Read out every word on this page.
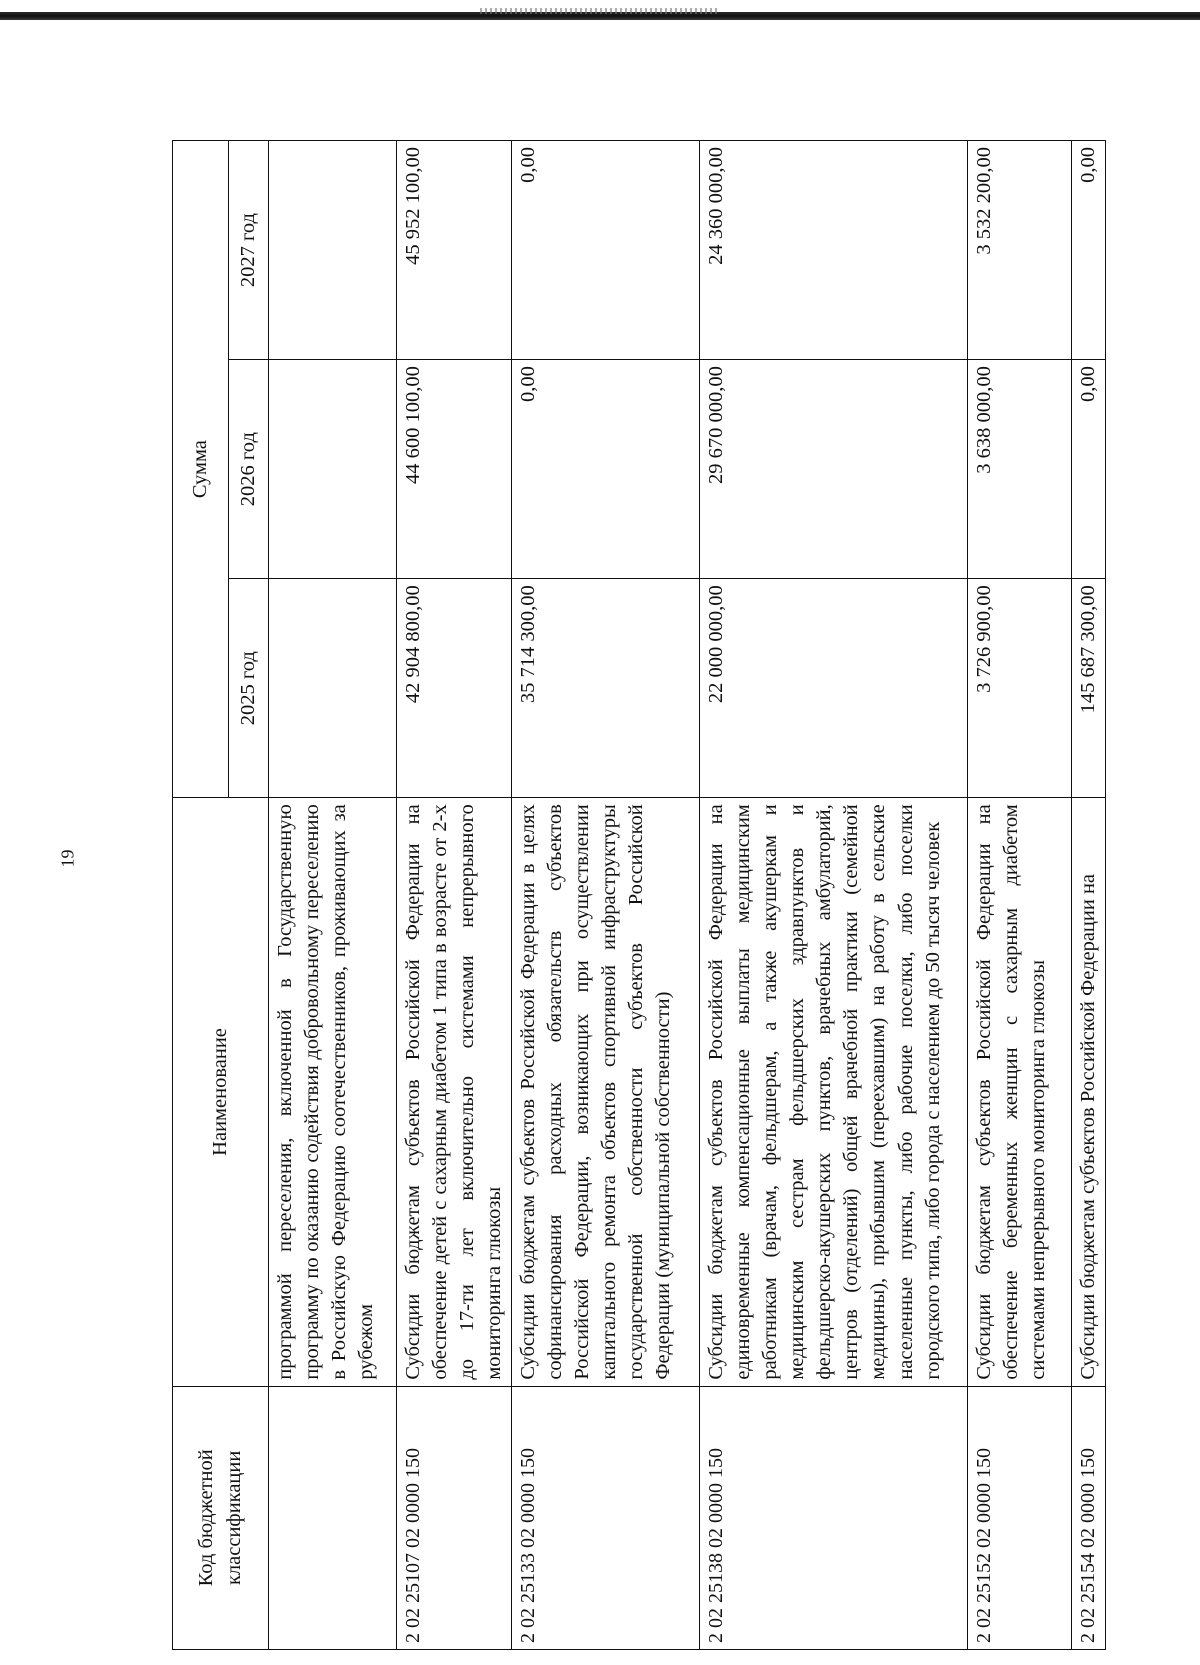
19
Код бюджетной классификации	Наименование	Сумма		
		2025 год	2026 год	2027 год
	программой переселения, включенной в Государственную программу по оказанию содействия добровольному переселению в Российскую Федерацию соотечественников, проживающих за рубежом			
2 02 25107 02 0000 150	Субсидии бюджетам субъектов Российской Федерации на обеспечение детей с сахарным диабетом 1 типа в возрасте от 2-х до 17-ти лет включительно системами непрерывного мониторинга глюкозы	42 904 800,00	44 600 100,00	45 952 100,00
2 02 25133 02 0000 150	Субсидии бюджетам субъектов Российской Федерации в целях софинансирования расходных обязательств субъектов Российской Федерации, возникающих при осуществлении капитального ремонта объектов спортивной инфраструктуры государственной собственности субъектов Российской Федерации (муниципальной собственности)	35 714 300,00	0,00	0,00
2 02 25138 02 0000 150	Субсидии бюджетам субъектов Российской Федерации на единовременные компенсационные выплаты медицинским работникам (врачам, фельдшерам, а также акушеркам и медицинским сестрам фельдшерских здравпунктов и фельдшерско-акушерских пунктов, врачебных амбулаторий, центров (отделений) общей врачебной практики (семейной медицины), прибывшим (переехавшим) на работу в сельские населенные пункты, либо рабочие поселки, либо поселки городского типа, либо города с населением до 50 тысяч человек	22 000 000,00	29 670 000,00	24 360 000,00
2 02 25152 02 0000 150	Субсидии бюджетам субъектов Российской Федерации на обеспечение беременных женщин с сахарным диабетом системами непрерывного мониторинга глюкозы	3 726 900,00	3 638 000,00	3 532 200,00
2 02 25154 02 0000 150	Субсидии бюджетам субъектов Российской Федерации на	145 687 300,00	0,00	0,00
